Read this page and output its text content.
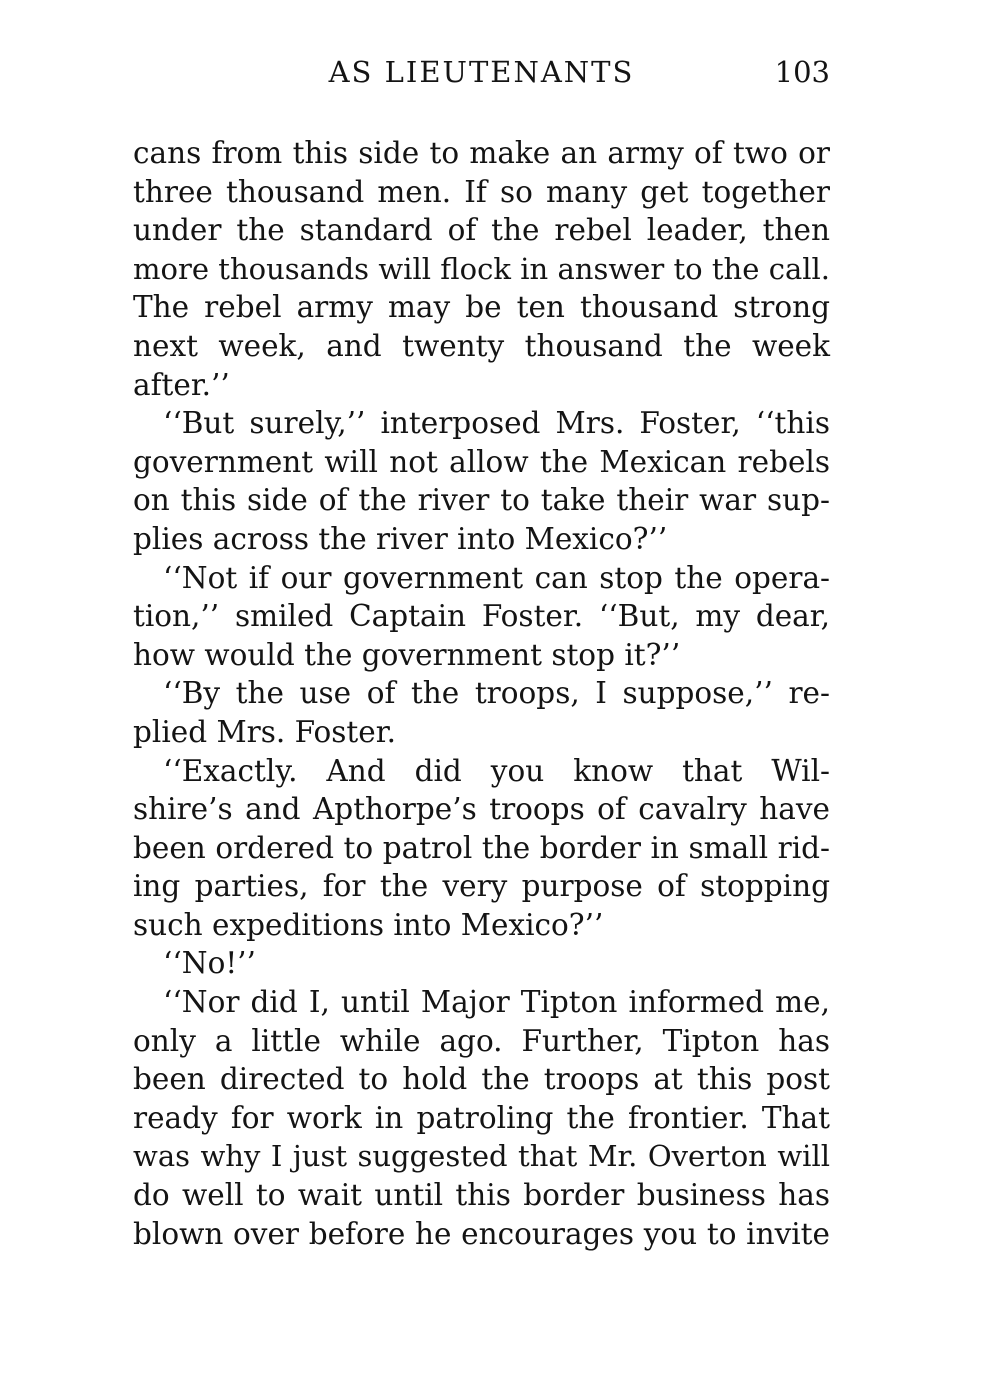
AS LIEUTENANTS	103
cans from this side to make an army of two or
three thousand men. If so many get together
under the standard of the rebel leader, then
more thousands will flock in answer to the call.
The rebel army may be ten thousand strong
next week, and twenty thousand the week
after.’’
‘‘But surely,’’ interposed Mrs. Foster, ‘‘this
government will not allow the Mexican rebels
on this side of the river to take their war sup-
plies across the river into Mexico?’’
‘‘Not if our government can stop the opera-
tion,’’ smiled Captain Foster. ‘‘But, my dear,
how would the government stop it?’’
‘‘By the use of the troops, I suppose,’’ re-
plied Mrs. Foster.
‘‘Exactly. And did you know that Wil-
shire’s and Apthorpe’s troops of cavalry have
been ordered to patrol the border in small rid-
ing parties, for the very purpose of stopping
such expeditions into Mexico?’’
‘‘No!’’
‘‘Nor did I, until Major Tipton informed me,
only a little while ago. Further, Tipton has
been directed to hold the troops at this post
ready for work in patroling the frontier. That
was why I just suggested that Mr. Overton will
do well to wait until this border business has
blown over before he encourages you to invite
